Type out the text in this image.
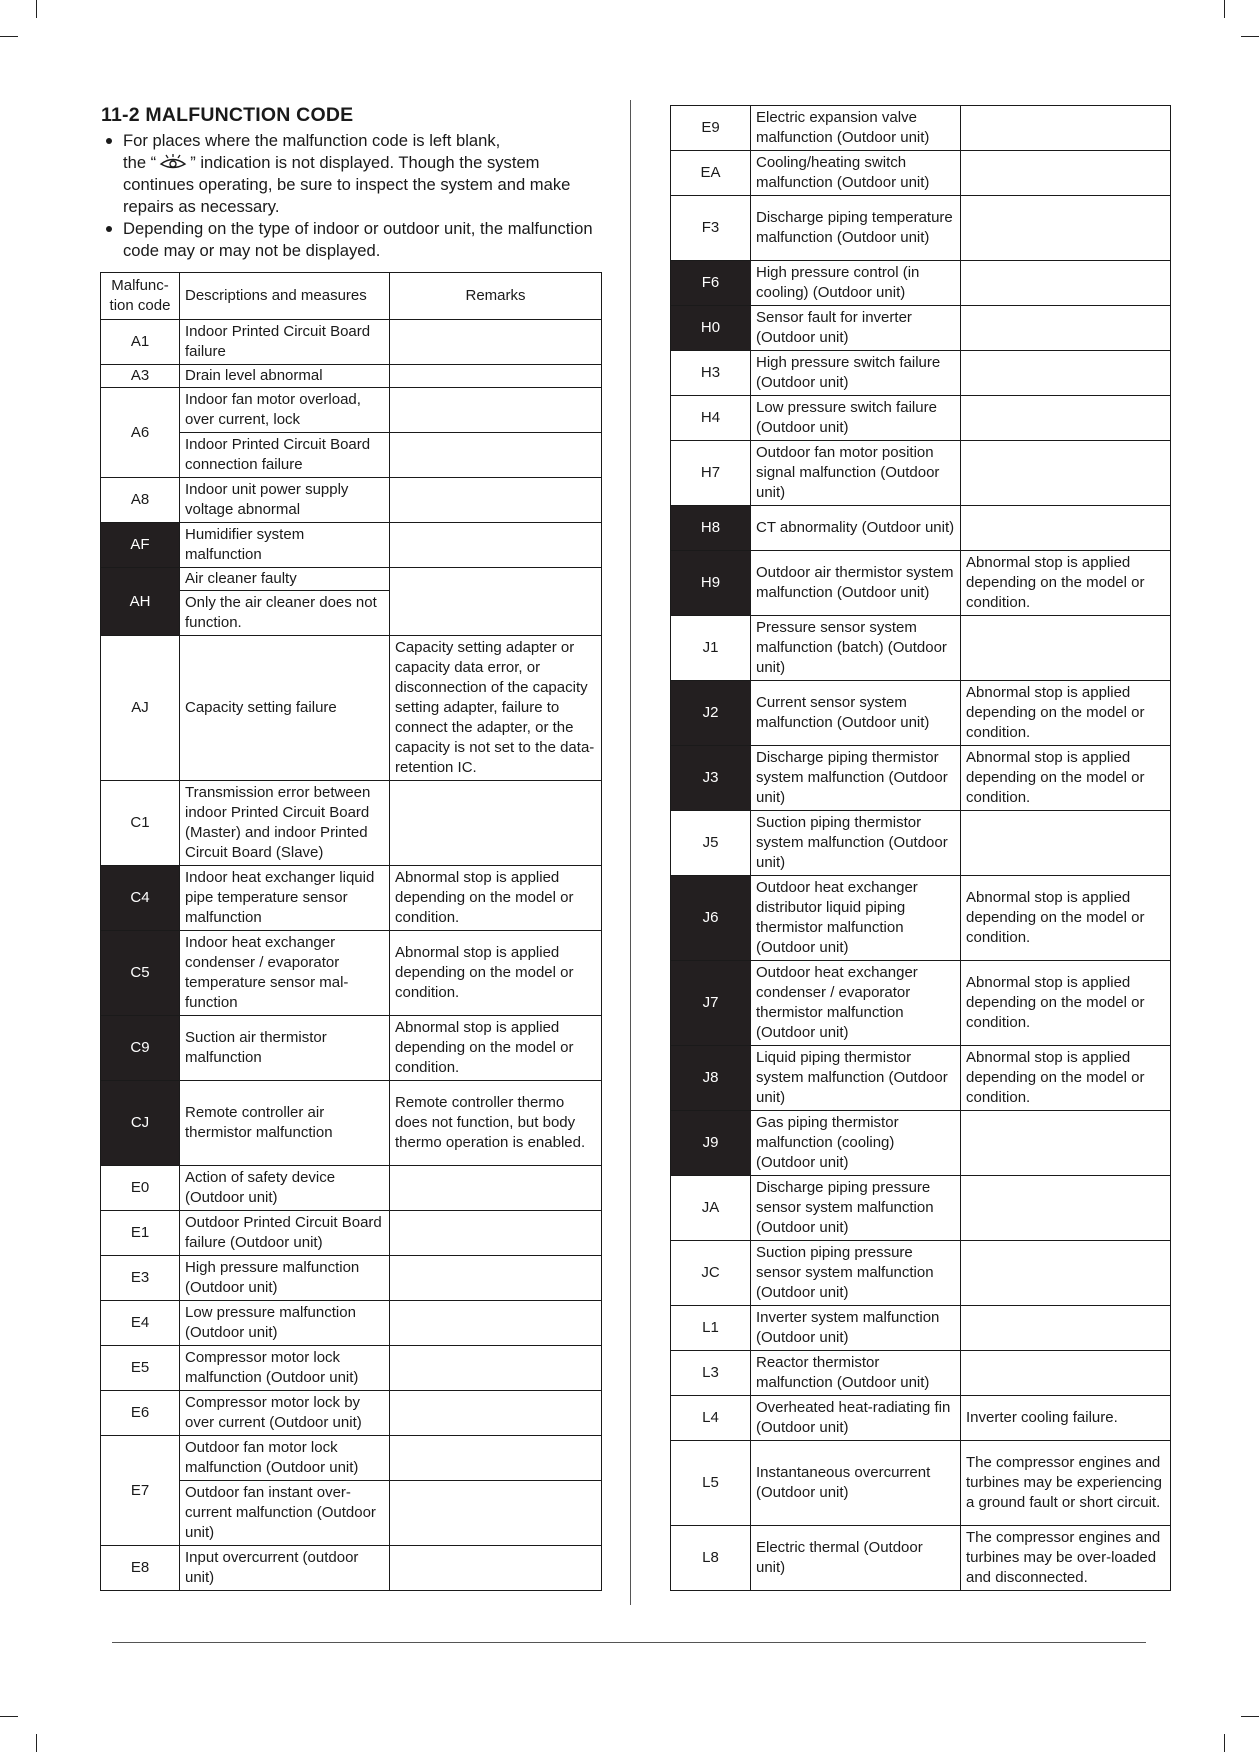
11-2 MALFUNCTION CODE
For places where the malfunction code is left blank,
the “ ” indication is not displayed. Though the system continues operating, be sure to inspect the system and make repairs as necessary.
Depending on the type of indoor or outdoor unit, the malfunction code may or may not be displayed.
Malfunc-tion code	Descriptions and measures	Remarks
A1	Indoor Printed Circuit Board failure	
A3	Drain level abnormal	
A6	Indoor fan motor overload, over current, lock	
	Indoor Printed Circuit Board connection failure	
A8	Indoor unit power supply voltage abnormal	
AF	Humidifier system malfunction	
AH	Air cleaner faulty	
	Only the air cleaner does not function.	
AJ	Capacity setting failure	Capacity setting adapter or capacity data error, or disconnection of the capacity setting adapter, failure to connect the adapter, or the capacity is not set to the data-retention IC.
C1	Transmission error between indoor Printed Circuit Board (Master) and indoor Printed Circuit Board (Slave)	
C4	Indoor heat exchanger liquid pipe temperature sensor malfunction	Abnormal stop is applied depending on the model or condition.
C5	Indoor heat exchanger condenser / evaporator temperature sensor mal-function	Abnormal stop is applied depending on the model or condition.
C9	Suction air thermistor malfunction	Abnormal stop is applied depending on the model or condition.
CJ	Remote controller air thermistor malfunction	Remote controller thermo does not function, but body thermo operation is enabled.
E0	Action of safety device (Outdoor unit)	
E1	Outdoor Printed Circuit Board failure (Outdoor unit)	
E3	High pressure malfunction (Outdoor unit)	
E4	Low pressure malfunction (Outdoor unit)	
E5	Compressor motor lock malfunction (Outdoor unit)	
E6	Compressor motor lock by over current (Outdoor unit)	
E7	Outdoor fan motor lock malfunction (Outdoor unit)	
	Outdoor fan instant over-current malfunction (Outdoor unit)	
E8	Input overcurrent (outdoor unit)	
E9	Electric expansion valve malfunction (Outdoor unit)	
EA	Cooling/heating switch malfunction (Outdoor unit)	
F3	Discharge piping temperature malfunction (Outdoor unit)	
F6	High pressure control (in cooling) (Outdoor unit)	
H0	Sensor fault for inverter (Outdoor unit)	
H3	High pressure switch failure (Outdoor unit)	
H4	Low pressure switch failure (Outdoor unit)	
H7	Outdoor fan motor position signal malfunction (Outdoor unit)	
H8	CT abnormality (Outdoor unit)	
H9	Outdoor air thermistor system malfunction (Outdoor unit)	Abnormal stop is applied depending on the model or condition.
J1	Pressure sensor system malfunction (batch) (Outdoor unit)	
J2	Current sensor system malfunction (Outdoor unit)	Abnormal stop is applied depending on the model or condition.
J3	Discharge piping thermistor system malfunction (Outdoor unit)	Abnormal stop is applied depending on the model or condition.
J5	Suction piping thermistor system malfunction (Outdoor unit)	
J6	Outdoor heat exchanger distributor liquid piping thermistor malfunction (Outdoor unit)	Abnormal stop is applied depending on the model or condition.
J7	Outdoor heat exchanger condenser / evaporator thermistor malfunction (Outdoor unit)	Abnormal stop is applied depending on the model or condition.
J8	Liquid piping thermistor system malfunction (Outdoor unit)	Abnormal stop is applied depending on the model or condition.
J9	Gas piping thermistor malfunction (cooling) (Outdoor unit)	
JA	Discharge piping pressure sensor system malfunction (Outdoor unit)	
JC	Suction piping pressure sensor system malfunction (Outdoor unit)	
L1	Inverter system malfunction (Outdoor unit)	
L3	Reactor thermistor malfunction (Outdoor unit)	
L4	Overheated heat-radiating fin (Outdoor unit)	Inverter cooling failure.
L5	Instantaneous overcurrent (Outdoor unit)	The compressor engines and turbines may be experiencing a ground fault or short circuit.
L8	Electric thermal (Outdoor unit)	The compressor engines and turbines may be over-loaded and disconnected.
